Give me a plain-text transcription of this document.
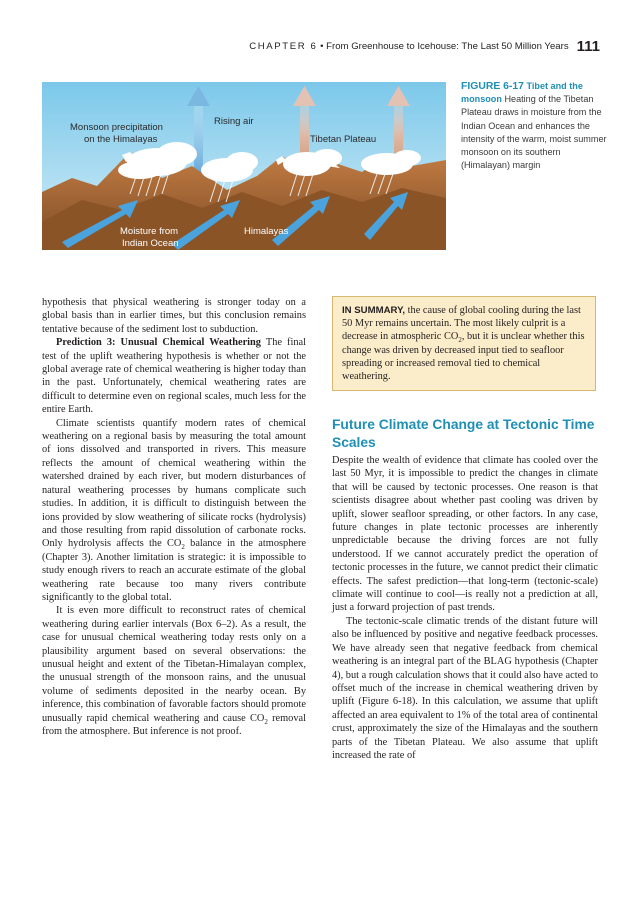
CHAPTER 6 • From Greenhouse to Icehouse: The Last 50 Million Years 111
Rising air
Monsoon precipitation
on the Himalayas	Tibetan Plateau
Moisture from
Indian Ocean
Himalayas
FIGURE 6-17 Tibet and the monsoon Heating of the Tibetan Plateau draws in moisture from the Indian Ocean and enhances the intensity of the warm, moist summer monsoon on its southern (Himalayan) margin

hypothesis that physical weathering is stronger today on a global basis than in earlier times, but this conclusion remains tentative because of the sediment lost to subduction.

Prediction 3: Unusual Chemical Weathering The final test of the uplift weathering hypothesis is whether or not the global average rate of chemical weathering is higher today than in the past. Unfortunately, chemical weathering rates are difficult to determine even on regional scales, much less for the entire Earth.

Climate scientists quantify modern rates of chemical weathering on a regional basis by measuring the total amount of ions dissolved and transported in rivers. This measure reflects the amount of chemical weathering within the watershed drained by each river, but modern disturbances of natural weathering processes by humans complicate such studies. In addition, it is difficult to distinguish between the ions provided by slow weathering of silicate rocks (hydrolysis) and those resulting from rapid dissolution of carbonate rocks. Only hydrolysis affects the $CO_2$ balance in the atmosphere (Chapter 3). Another limitation is strategic: it is impossible to study enough rivers to reach an accurate estimate of the global weathering rate because too many rivers contribute significantly to the global total.

It is even more difficult to reconstruct rates of chemical weathering during earlier intervals (Box 6–2). As a result, the case for unusual chemical weathering today rests only on a plausibility argument based on several observations: the unusual height and extent of the Tibetan-Himalayan complex, the unusual strength of the monsoon rains, and the unusual volume of sediments deposited in the nearby ocean. By inference, this combination of favorable factors should promote unusually rapid chemical weathering and cause $CO_2$ removal from the atmosphere. But inference is not proof.

IN SUMMARY, the cause of global cooling during the last 50 Myr remains uncertain. The most likely culprit is a decrease in atmospheric $CO_2$, but it is unclear whether this change was driven by decreased input tied to seafloor spreading or increased removal tied to chemical weathering.
Future Climate Change at Tectonic Time Scales

Despite the wealth of evidence that climate has cooled over the last 50 Myr, it is impossible to predict the changes in climate that will be caused by tectonic processes. One reason is that scientists disagree about whether past cooling was driven by uplift, slower seafloor spreading, or other factors. In any case, future changes in plate tectonic processes are inherently unpredictable because the driving forces are not fully understood. If we cannot accurately predict the operation of tectonic processes in the future, we cannot predict their climatic effects. The safest prediction—that long-term (tectonic-scale) climate will continue to cool—is really not a prediction at all, just a forward projection of past trends.

The tectonic-scale climatic trends of the distant future will also be influenced by positive and negative feedback processes. We have already seen that negative feedback from chemical weathering is an integral part of the BLAG hypothesis (Chapter 4), but a rough calculation shows that it could also have acted to offset much of the increase in chemical weathering driven by uplift (Figure 6-18). In this calculation, we assume that uplift affected an area equivalent to 1% of the total area of continental crust, approximately the size of the Himalayas and the southern parts of the Tibetan Plateau. We also assume that uplift increased the rate of
